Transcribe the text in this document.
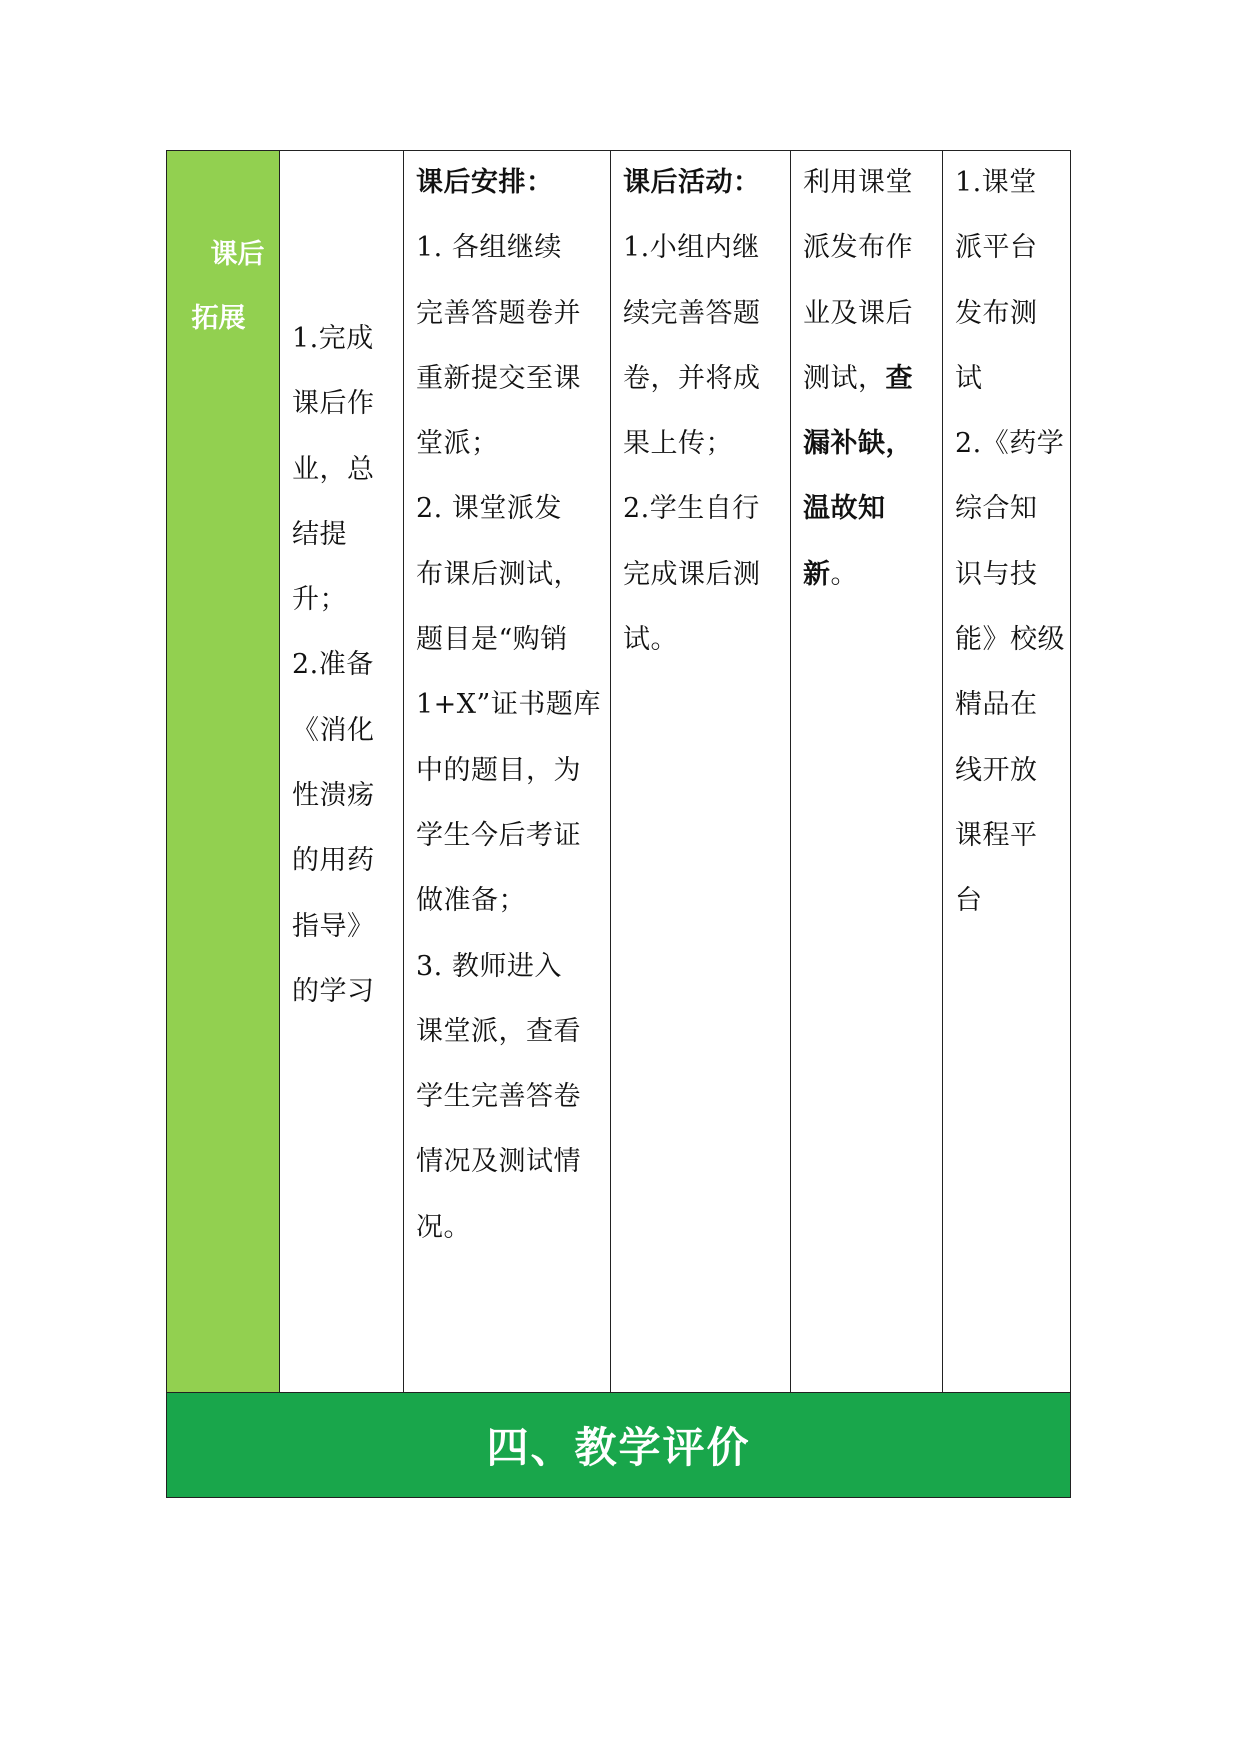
课后
拓展
1.完成
课后作
业，总
结提
升；
2.准备
《消化
性溃疡
的用药
指导》
的学习
课后安排：
1. 各组继续
完善答题卷并
重新提交至课
堂派；
2. 课堂派发
布课后测试，
题目是“购销
1+X”证书题库
中的题目，为
学生今后考证
做准备；
3. 教师进入
课堂派，查看
学生完善答卷
情况及测试情
况。
课后活动：
1.小组内继
续完善答题
卷，并将成
果上传；
2.学生自行
完成课后测
试。
利用课堂
派发布作
业及课后
测试，查
漏补缺，
温故知
新。
1.课堂
派平台
发布测
试
2.《药学
综合知
识与技
能》校级
精品在
线开放
课程平
台
四、教学评价
